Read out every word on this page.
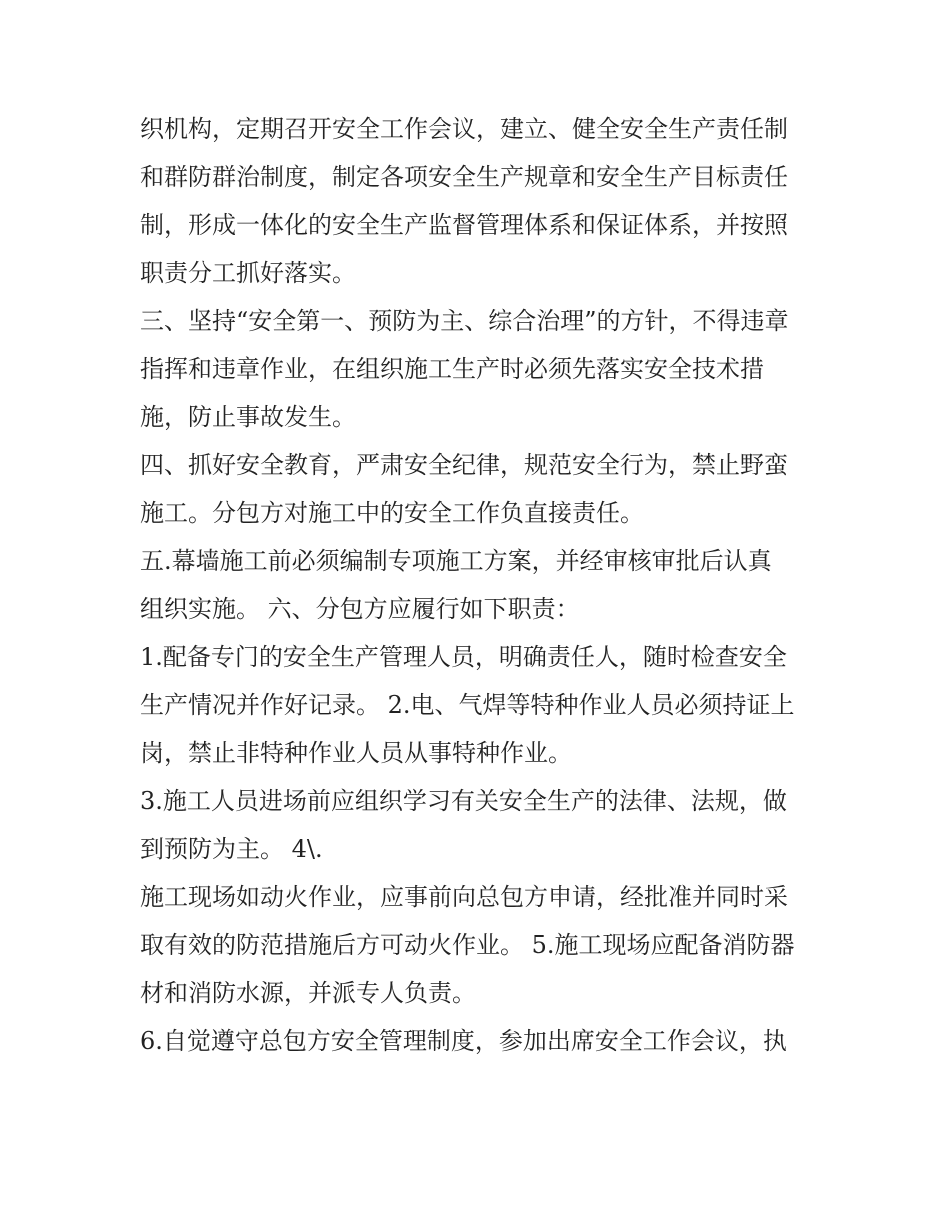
织机构，定期召开安全工作会议，建立、健全安全生产责任制

和群防群治制度，制定各项安全生产规章和安全生产目标责任

制，形成一体化的安全生产监督管理体系和保证体系，并按照

职责分工抓好落实。

三、坚持“安全第一、预防为主、综合治理”的方针，不得违章

指挥和违章作业，在组织施工生产时必须先落实安全技术措

施，防止事故发生。

四、抓好安全教育，严肃安全纪律，规范安全行为，禁止野蛮

施工。分包方对施工中的安全工作负直接责任。

五.幕墙施工前必须编制专项施工方案，并经审核审批后认真

组织实施。 六、分包方应履行如下职责：

1.配备专门的安全生产管理人员，明确责任人，随时检查安全

生产情况并作好记录。 2.电、气焊等特种作业人员必须持证上

岗，禁止非特种作业人员从事特种作业。

3.施工人员进场前应组织学习有关安全生产的法律、法规，做

到预防为主。 4\.

施工现场如动火作业，应事前向总包方申请，经批准并同时采

取有效的防范措施后方可动火作业。 5.施工现场应配备消防器

材和消防水源，并派专人负责。

6.自觉遵守总包方安全管理制度，参加出席安全工作会议，执
